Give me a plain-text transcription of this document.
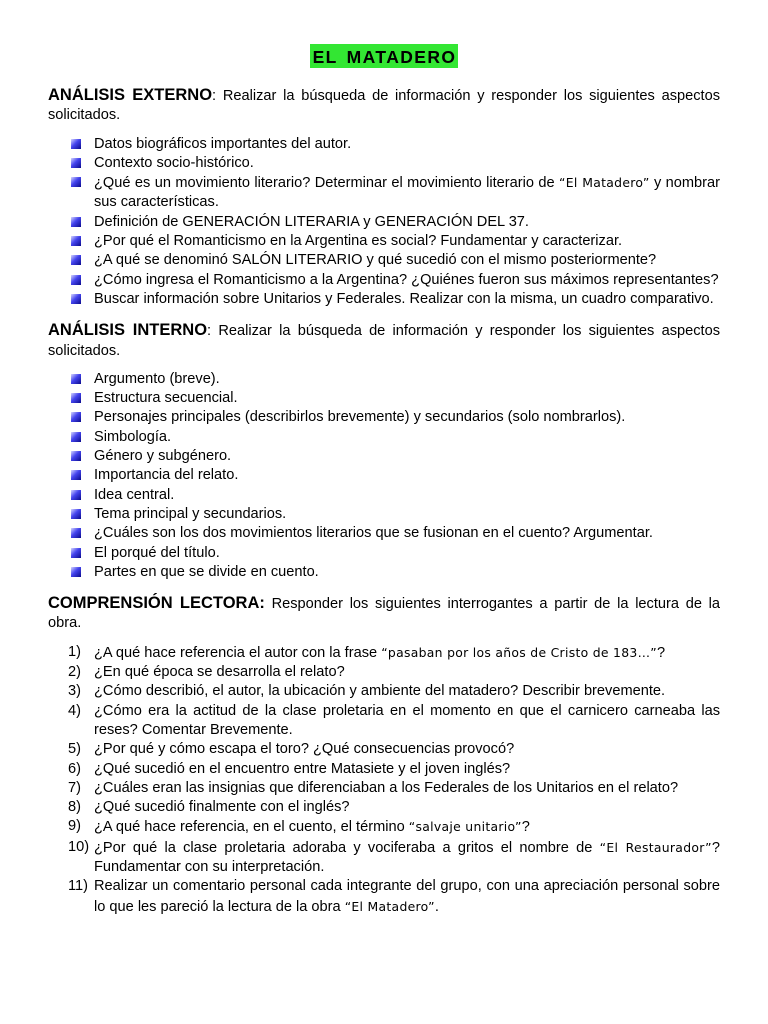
EL MATADERO

ANÁLISIS EXTERNO: Realizar la búsqueda de información y responder los siguientes aspectos solicitados.

Datos biográficos importantes del autor.
Contexto socio-histórico.
¿Qué es un movimiento literario? Determinar el movimiento literario de “El Matadero” y nombrar sus características.
Definición de GENERACIÓN LITERARIA y GENERACIÓN DEL 37.
¿Por qué el Romanticismo en la Argentina es social? Fundamentar y caracterizar.
¿A qué se denominó SALÓN LITERARIO y qué sucedió con el mismo posteriormente?
¿Cómo ingresa el Romanticismo a la Argentina? ¿Quiénes fueron sus máximos representantes?
Buscar información sobre Unitarios y Federales. Realizar con la misma, un cuadro comparativo.

ANÁLISIS INTERNO: Realizar la búsqueda de información y responder los siguientes aspectos solicitados.

Argumento (breve).
Estructura secuencial.
Personajes principales (describirlos brevemente) y secundarios (solo nombrarlos).
Simbología.
Género y subgénero.
Importancia del relato.
Idea central.
Tema principal y secundarios.
¿Cuáles son los dos movimientos literarios que se fusionan en el cuento? Argumentar.
El porqué del título.
Partes en que se divide en cuento.

COMPRENSIÓN LECTORA: Responder los siguientes interrogantes a partir de la lectura de la obra.

1) ¿A qué hace referencia el autor con la frase “pasaban por los años de Cristo de 183…”?
2) ¿En qué época se desarrolla el relato?
3) ¿Cómo describió, el autor, la ubicación y ambiente del matadero? Describir brevemente.
4) ¿Cómo era la actitud de la clase proletaria en el momento en que el carnicero carneaba las reses? Comentar Brevemente.
5) ¿Por qué y cómo escapa el toro? ¿Qué consecuencias provocó?
6) ¿Qué sucedió en el encuentro entre Matasiete y el joven inglés?
7) ¿Cuáles eran las insignias que diferenciaban a los Federales de los Unitarios en el relato?
8) ¿Qué sucedió finalmente con el inglés?
9) ¿A qué hace referencia, en el cuento, el término “salvaje unitario”?
10) ¿Por qué la clase proletaria adoraba y vociferaba a gritos el nombre de “El Restaurador”? Fundamentar con su interpretación.
11) Realizar un comentario personal cada integrante del grupo, con una apreciación personal sobre lo que les pareció la lectura de la obra “El Matadero”.
